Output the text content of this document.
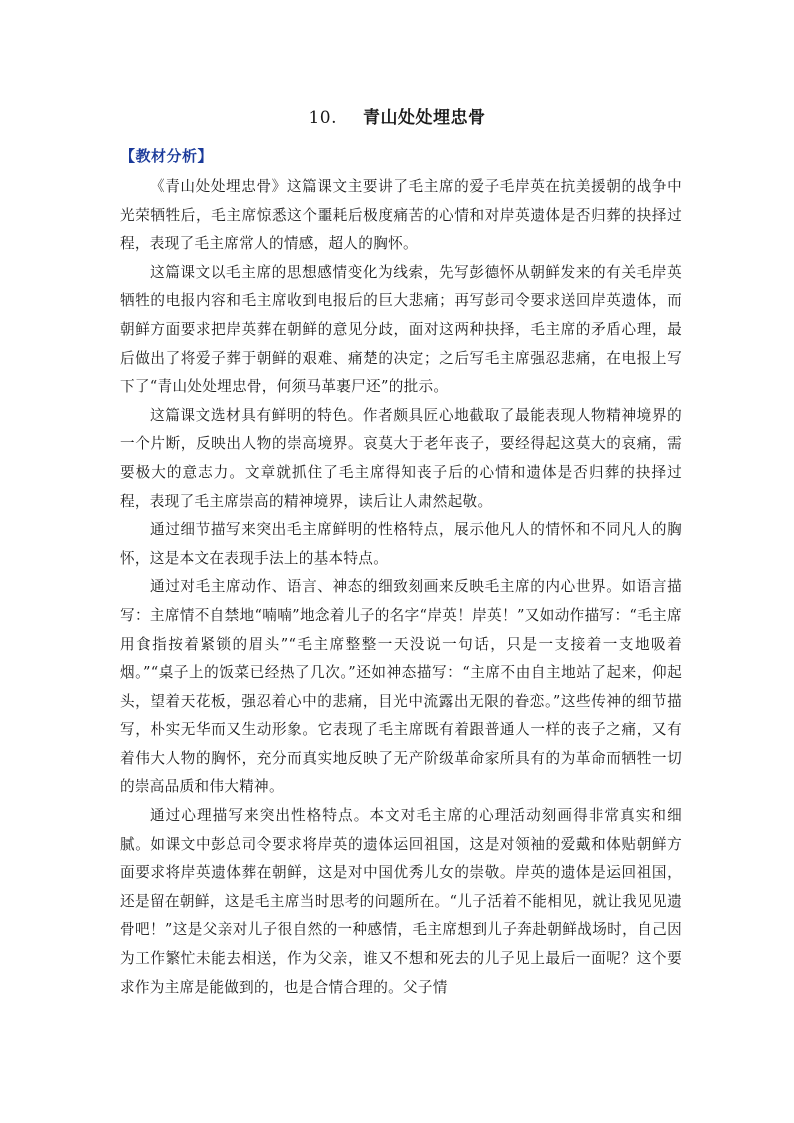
10. 青山处处埋忠骨
【教材分析】

《青山处处埋忠骨》这篇课文主要讲了毛主席的爱子毛岸英在抗美援朝的战争中光荣牺牲后，毛主席惊悉这个噩耗后极度痛苦的心情和对岸英遗体是否归葬的抉择过程，表现了毛主席常人的情感，超人的胸怀。

这篇课文以毛主席的思想感情变化为线索，先写彭德怀从朝鲜发来的有关毛岸英牺牲的电报内容和毛主席收到电报后的巨大悲痛；再写彭司令要求送回岸英遗体，而朝鲜方面要求把岸英葬在朝鲜的意见分歧，面对这两种抉择，毛主席的矛盾心理，最后做出了将爱子葬于朝鲜的艰难、痛楚的决定；之后写毛主席强忍悲痛，在电报上写下了“青山处处埋忠骨，何须马革裹尸还”的批示。

这篇课文选材具有鲜明的特色。作者颇具匠心地截取了最能表现人物精神境界的一个片断，反映出人物的崇高境界。哀莫大于老年丧子，要经得起这莫大的哀痛，需要极大的意志力。文章就抓住了毛主席得知丧子后的心情和遗体是否归葬的抉择过程，表现了毛主席崇高的精神境界，读后让人肃然起敬。

通过细节描写来突出毛主席鲜明的性格特点，展示他凡人的情怀和不同凡人的胸怀，这是本文在表现手法上的基本特点。

通过对毛主席动作、语言、神态的细致刻画来反映毛主席的内心世界。如语言描写：主席情不自禁地“喃喃”地念着儿子的名字“岸英！岸英！”又如动作描写：“毛主席用食指按着紧锁的眉头”“毛主席整整一天没说一句话，只是一支接着一支地吸着烟。”“桌子上的饭菜已经热了几次。”还如神态描写：“主席不由自主地站了起来，仰起头，望着天花板，强忍着心中的悲痛，目光中流露出无限的眷恋。”这些传神的细节描写，朴实无华而又生动形象。它表现了毛主席既有着跟普通人一样的丧子之痛，又有着伟大人物的胸怀，充分而真实地反映了无产阶级革命家所具有的为革命而牺牲一切的崇高品质和伟大精神。

通过心理描写来突出性格特点。本文对毛主席的心理活动刻画得非常真实和细腻。如课文中彭总司令要求将岸英的遗体运回祖国，这是对领袖的爱戴和体贴朝鲜方面要求将岸英遗体葬在朝鲜，这是对中国优秀儿女的崇敬。岸英的遗体是运回祖国，还是留在朝鲜，这是毛主席当时思考的问题所在。“儿子活着不能相见，就让我见见遗骨吧！”这是父亲对儿子很自然的一种感情，毛主席想到儿子奔赴朝鲜战场时，自己因为工作繁忙未能去相送，作为父亲，谁又不想和死去的儿子见上最后一面呢？这个要求作为主席是能做到的，也是合情合理的。父子情
